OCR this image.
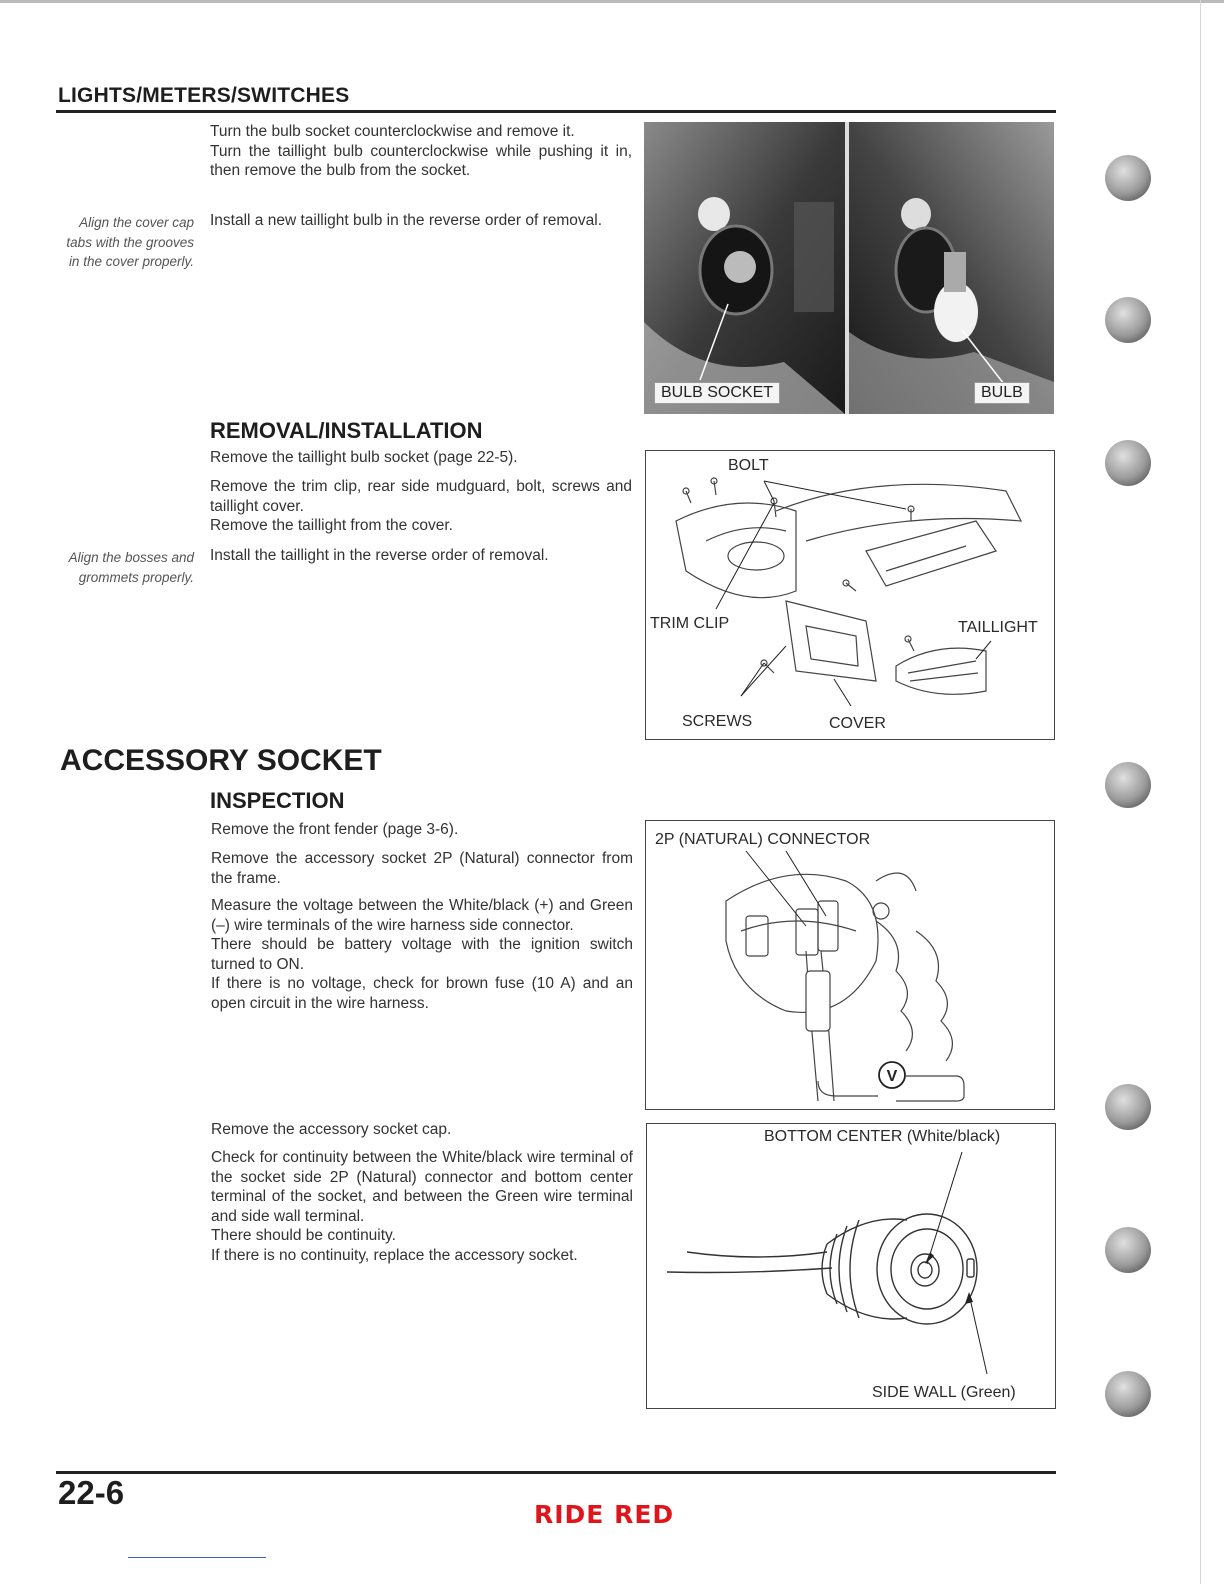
LIGHTS/METERS/SWITCHES
Turn the bulb socket counterclockwise and remove it.
Turn the taillight bulb counterclockwise while pushing it in, then remove the bulb from the socket.
Align the cover cap tabs with the grooves in the cover properly.
Install a new taillight bulb in the reverse order of removal.
BULB SOCKET	BULB
REMOVAL/INSTALLATION
Remove the taillight bulb socket (page 22-5).
Remove the trim clip, rear side mudguard, bolt, screws and taillight cover.
Remove the taillight from the cover.
Align the bosses and grommets properly.
Install the taillight in the reverse order of removal.
BOLT
TRIM CLIP	TAILLIGHT
SCREWS	COVER
ACCESSORY SOCKET
INSPECTION
Remove the front fender (page 3-6).
Remove the accessory socket 2P (Natural) connector from the frame.
Measure the voltage between the White/black (+) and Green (–) wire terminals of the wire harness side connector.
There should be battery voltage with the ignition switch turned to ON.
If there is no voltage, check for brown fuse (10 A) and an open circuit in the wire harness.
V
2P (NATURAL) CONNECTOR
Remove the accessory socket cap.
Check for continuity between the White/black wire terminal of the socket side 2P (Natural) connector and bottom center terminal of the socket, and between the Green wire terminal and side wall terminal.
There should be continuity.
If there is no continuity, replace the accessory socket.
BOTTOM CENTER (White/black)
SIDE WALL (Green)
22-6
RIDE RED
